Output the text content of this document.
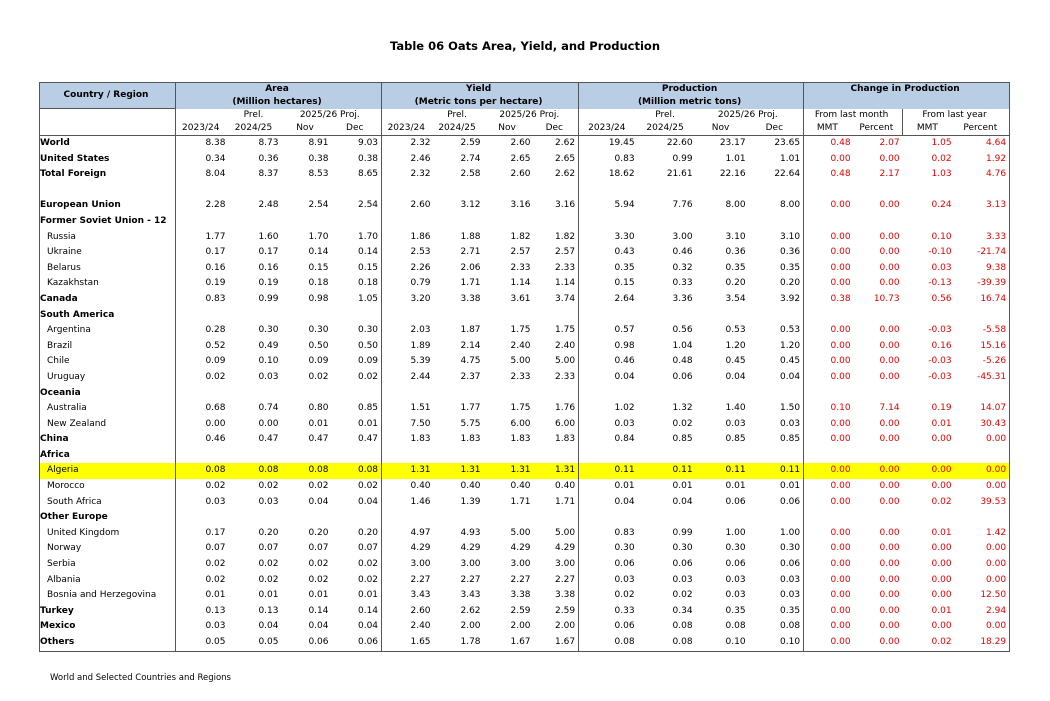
Table 06 Oats Area, Yield, and Production
Country / Region	Area				Yield				Production				Change in Production			
	(Million hectares)				(Metric tons per hectare)				(Million metric tons)							
		Prel.	2025/26 Proj.			Prel.	2025/26 Proj.			Prel.	2025/26 Proj.		From last month		From last year	
	2023/24	2024/25	Nov	Dec	2023/24	2024/25	Nov	Dec	2023/24	2024/25	Nov	Dec	MMT	Percent	MMT	Percent
World	8.38	8.73	8.91	9.03	2.32	2.59	2.60	2.62	19.45	22.60	23.17	23.65	0.48	2.07	1.05	4.64
United States	0.34	0.36	0.38	0.38	2.46	2.74	2.65	2.65	0.83	0.99	1.01	1.01	0.00	0.00	0.02	1.92
Total Foreign	8.04	8.37	8.53	8.65	2.32	2.58	2.60	2.62	18.62	21.61	22.16	22.64	0.48	2.17	1.03	4.76

European Union	2.28	2.48	2.54	2.54	2.60	3.12	3.16	3.16	5.94	7.76	8.00	8.00	0.00	0.00	0.24	3.13
Former Soviet Union - 12																
Russia	1.77	1.60	1.70	1.70	1.86	1.88	1.82	1.82	3.30	3.00	3.10	3.10	0.00	0.00	0.10	3.33
Ukraine	0.17	0.17	0.14	0.14	2.53	2.71	2.57	2.57	0.43	0.46	0.36	0.36	0.00	0.00	-0.10	-21.74
Belarus	0.16	0.16	0.15	0.15	2.26	2.06	2.33	2.33	0.35	0.32	0.35	0.35	0.00	0.00	0.03	9.38
Kazakhstan	0.19	0.19	0.18	0.18	0.79	1.71	1.14	1.14	0.15	0.33	0.20	0.20	0.00	0.00	-0.13	-39.39
Canada	0.83	0.99	0.98	1.05	3.20	3.38	3.61	3.74	2.64	3.36	3.54	3.92	0.38	10.73	0.56	16.74
South America																
Argentina	0.28	0.30	0.30	0.30	2.03	1.87	1.75	1.75	0.57	0.56	0.53	0.53	0.00	0.00	-0.03	-5.58
Brazil	0.52	0.49	0.50	0.50	1.89	2.14	2.40	2.40	0.98	1.04	1.20	1.20	0.00	0.00	0.16	15.16
Chile	0.09	0.10	0.09	0.09	5.39	4.75	5.00	5.00	0.46	0.48	0.45	0.45	0.00	0.00	-0.03	-5.26
Uruguay	0.02	0.03	0.02	0.02	2.44	2.37	2.33	2.33	0.04	0.06	0.04	0.04	0.00	0.00	-0.03	-45.31
Oceania																
Australia	0.68	0.74	0.80	0.85	1.51	1.77	1.75	1.76	1.02	1.32	1.40	1.50	0.10	7.14	0.19	14.07
New Zealand	0.00	0.00	0.01	0.01	7.50	5.75	6.00	6.00	0.03	0.02	0.03	0.03	0.00	0.00	0.01	30.43
China	0.46	0.47	0.47	0.47	1.83	1.83	1.83	1.83	0.84	0.85	0.85	0.85	0.00	0.00	0.00	0.00
Africa																
Algeria	0.08	0.08	0.08	0.08	1.31	1.31	1.31	1.31	0.11	0.11	0.11	0.11	0.00	0.00	0.00	0.00
Morocco	0.02	0.02	0.02	0.02	0.40	0.40	0.40	0.40	0.01	0.01	0.01	0.01	0.00	0.00	0.00	0.00
South Africa	0.03	0.03	0.04	0.04	1.46	1.39	1.71	1.71	0.04	0.04	0.06	0.06	0.00	0.00	0.02	39.53
Other Europe																
United Kingdom	0.17	0.20	0.20	0.20	4.97	4.93	5.00	5.00	0.83	0.99	1.00	1.00	0.00	0.00	0.01	1.42
Norway	0.07	0.07	0.07	0.07	4.29	4.29	4.29	4.29	0.30	0.30	0.30	0.30	0.00	0.00	0.00	0.00
Serbia	0.02	0.02	0.02	0.02	3.00	3.00	3.00	3.00	0.06	0.06	0.06	0.06	0.00	0.00	0.00	0.00
Albania	0.02	0.02	0.02	0.02	2.27	2.27	2.27	2.27	0.03	0.03	0.03	0.03	0.00	0.00	0.00	0.00
Bosnia and Herzegovina	0.01	0.01	0.01	0.01	3.43	3.43	3.38	3.38	0.02	0.02	0.03	0.03	0.00	0.00	0.00	12.50
Turkey	0.13	0.13	0.14	0.14	2.60	2.62	2.59	2.59	0.33	0.34	0.35	0.35	0.00	0.00	0.01	2.94
Mexico	0.03	0.04	0.04	0.04	2.40	2.00	2.00	2.00	0.06	0.08	0.08	0.08	0.00	0.00	0.00	0.00
Others	0.05	0.05	0.06	0.06	1.65	1.78	1.67	1.67	0.08	0.08	0.10	0.10	0.00	0.00	0.02	18.29
World and Selected Countries and Regions
